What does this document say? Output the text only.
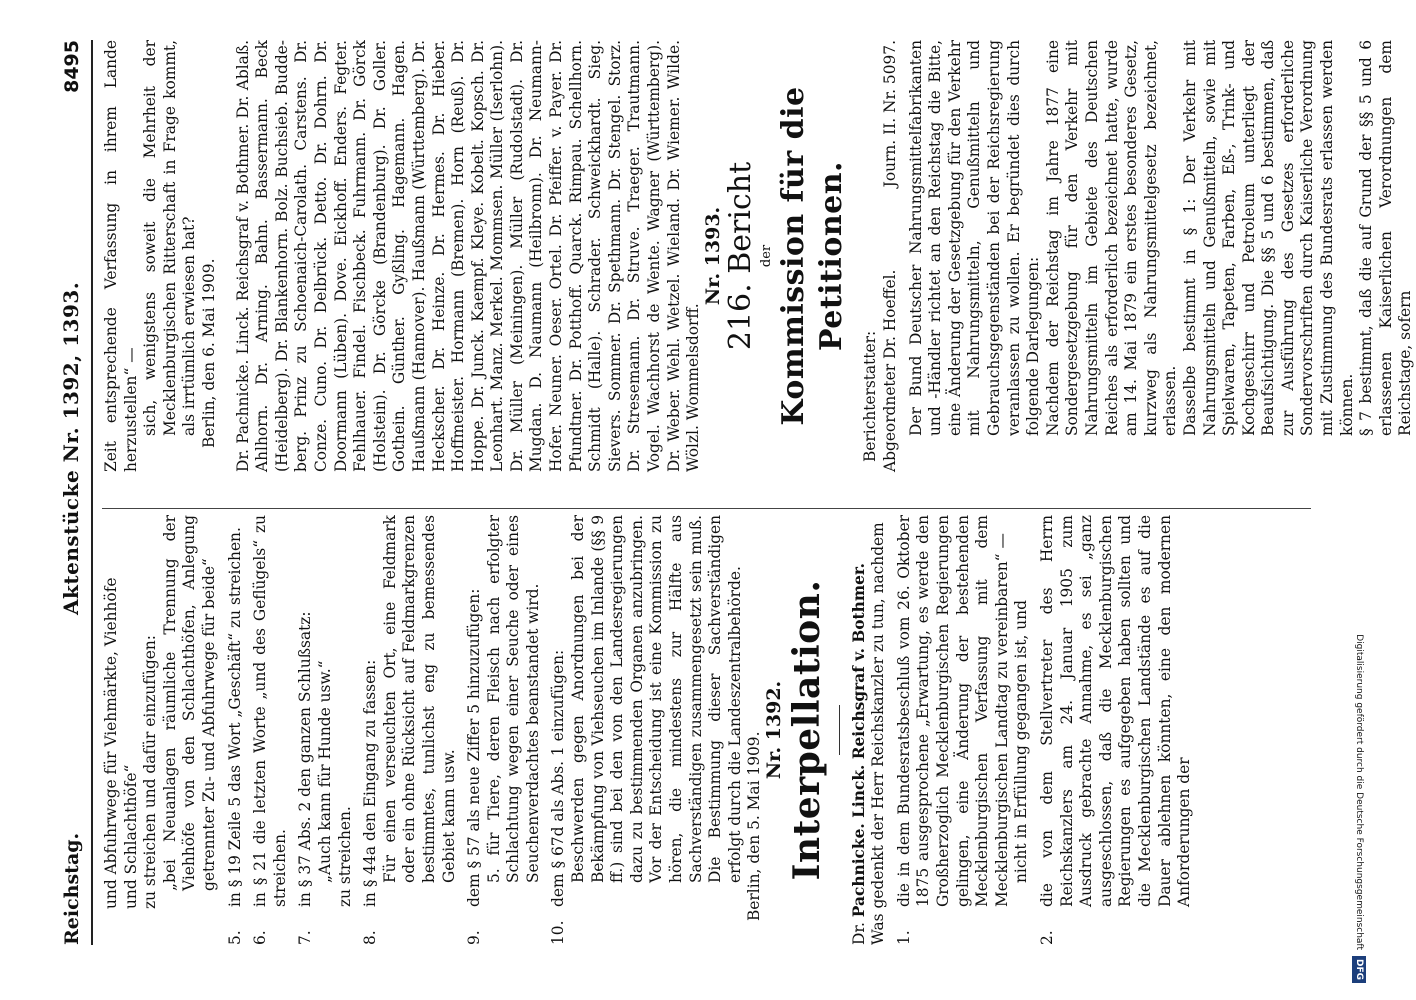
Reichstag.
Aktenstücke Nr. 1392, 1393.
8495

und Abfuhrwege für Viehmärkte, Viehhöfe und Schlachthöfe“ zu streichen und dafür einzufügen: „bei Neuanlagen räumliche Trennung der Viehhöfe von den Schlachthöfen, Anlegung getrennter Zu- und Abfuhrwege für beide“

5.
in § 19 Zeile 5 das Wort „Geschäft“ zu streichen.
6.
in § 21 die letzten Worte „und des Geflügels“ zu streichen.
7.
in § 37 Abs. 2 den ganzen Schlußsatz: „Auch kann für Hunde usw.“ zu streichen.

8.
in § 44a den Eingang zu fassen: Für einen verseuchten Ort, eine Feldmark oder ein ohne Rücksicht auf Feldmarkgrenzen bestimmtes, tunlichst eng zu bemessendes Gebiet kann usw.

9.
dem § 57 als neue Ziffer 5 hinzuzufügen: 5. für Tiere, deren Fleisch nach erfolgter Schlachtung wegen einer Seuche oder eines Seuchenverdachtes beanstandet wird.

10.
dem § 67d als Abs. 1 einzufügen: Beschwerden gegen Anordnungen bei der Bekämpfung von Viehseuchen im Inlande (§§ 9 ff.) sind bei den von den Landesregierungen dazu zu bestimmenden Organen anzubringen. Vor der Entscheidung ist eine Kommission zu hören, die mindestens zur Hälfte aus Sachverständigen zusammengesetzt sein muß. Die Bestimmung dieser Sachverständigen erfolgt durch die Landeszentralbehörde. Berlin, den 5. Mai 1909.

Nr. 1392. Interpellation.

Dr. Pachnicke. Linck. Reichsgraf v. Bothmer. Was gedenkt der Herr Reichskanzler zu tun, nachdem 1.
die in dem Bundesratsbeschluß vom 26. Oktober 1875 ausgesprochene „Erwartung, es werde den Großherzoglich Mecklenburgischen Regierungen gelingen, eine Änderung der bestehenden Mecklenburgischen Verfassung mit dem Mecklenburgischen Landtag zu vereinbaren“ — nicht in Erfüllung gegangen ist, und

2.
die von dem Stellvertreter des Herrn Reichskanzlers am 24. Januar 1905 zum Ausdruck gebrachte Annahme, es sei „ganz ausgeschlossen, daß die Mecklenburgischen Regierungen es aufgegeben haben sollten und die Mecklenburgischen Landstände es auf die Dauer ablehnen könnten, eine den modernen Anforderungen der

Zeit entsprechende Verfassung in ihrem Lande herzustellen“ — sich, wenigstens soweit die Mehrheit der Mecklenburgischen Ritterschaft in Frage kommt, als irrtümlich erwiesen hat? Berlin, den 6. Mai 1909. Dr. Pachnicke. Linck. Reichsgraf v. Bothmer. Dr. Ablaß. Ahlhorn. Dr. Arning. Bahn. Bassermann. Beck (Heidelberg). Dr. Blankenhorn. Bolz. Buchsieb. Budde-berg. Prinz zu Schoenaich-Carolath. Carstens. Dr. Conze. Cuno. Dr. Delbrück. Detto. Dr. Dohrn. Dr. Doormann (Lüben). Dove. Eickhoff. Enders. Fegter. Fehlhauer. Findel. Fischbeck. Fuhrmann. Dr. Görck (Holstein). Dr. Görcke (Brandenburg). Dr. Goller. Gothein. Günther. Gyßling. Hagemann. Hagen. Haußmann (Hannover). Haußmann (Württemberg). Dr. Heckscher. Dr. Heinze. Dr. Hermes. Dr. Hieber. Hoffmeister. Hormann (Bremen). Horn (Reuß). Dr. Hoppe. Dr. Junck. Kaempf. Kleye. Kobelt. Kopsch. Dr. Leonhart. Manz. Merkel. Mommsen. Müller (Iserlohn). Dr. Müller (Meiningen). Müller (Rudolstadt). Dr. Mugdan. D. Naumann (Heilbronn). Dr. Neumann-Hofer. Neuner. Oeser. Ortel. Dr. Pfeiffer. v. Payer. Dr. Pfundtner. Dr. Potthoff. Quarck. Rimpau. Schellhorn. Schmidt (Halle). Schrader. Schweickhardt. Sieg. Sievers. Sommer. Dr. Spethmann. Dr. Stengel. Storz. Dr. Stresemann. Dr. Struve. Traeger. Trautmann. Vogel. Wachhorst de Wente. Wagner (Württemberg). Dr. Weber. Wehl. Wetzel. Wieland. Dr. Wiemer. Wilde. Wölzl. Wommelsdorff.

Nr. 1393. 216. Bericht der Kommission für die Petitionen.

Berichterstatter: Abgeordneter Dr. Hoeffel.
Journ. II. Nr. 5097. Der Bund Deutscher Nahrungsmittelfabrikanten und -Händler richtet an den Reichstag die Bitte, eine Änderung der Gesetzgebung für den Verkehr mit Nahrungsmitteln, Genußmitteln und Gebrauchsgegenständen bei der Reichsregierung veranlassen zu wollen. Er begründet dies durch folgende Darlegungen: Nachdem der Reichstag im Jahre 1877 eine Sondergesetzgebung für den Verkehr mit Nahrungsmitteln im Gebiete des Deutschen Reiches als erforderlich bezeichnet hatte, wurde am 14. Mai 1879 ein erstes besonderes Gesetz, kurzweg als Nahrungsmittelgesetz bezeichnet, erlassen. Dasselbe bestimmt in § 1: Der Verkehr mit Nahrungsmitteln und Genußmitteln, sowie mit Spielwaren, Tapeten, Farben, Eß-, Trink- und Kochgeschirr und Petroleum unterliegt der Beaufsichtigung. Die §§ 5 und 6 bestimmen, daß zur Ausführung des Gesetzes erforderliche Sondervorschriften durch Kaiserliche Verordnung mit Zustimmung des Bundesrats erlassen werden können. § 7 bestimmt, daß die auf Grund der §§ 5 und 6 erlassenen Kaiserlichen Verordnungen dem Reichstage, sofern

Digitalisierung gefördert durch die Deutsche Forschungsgemeinschaft
DFG
